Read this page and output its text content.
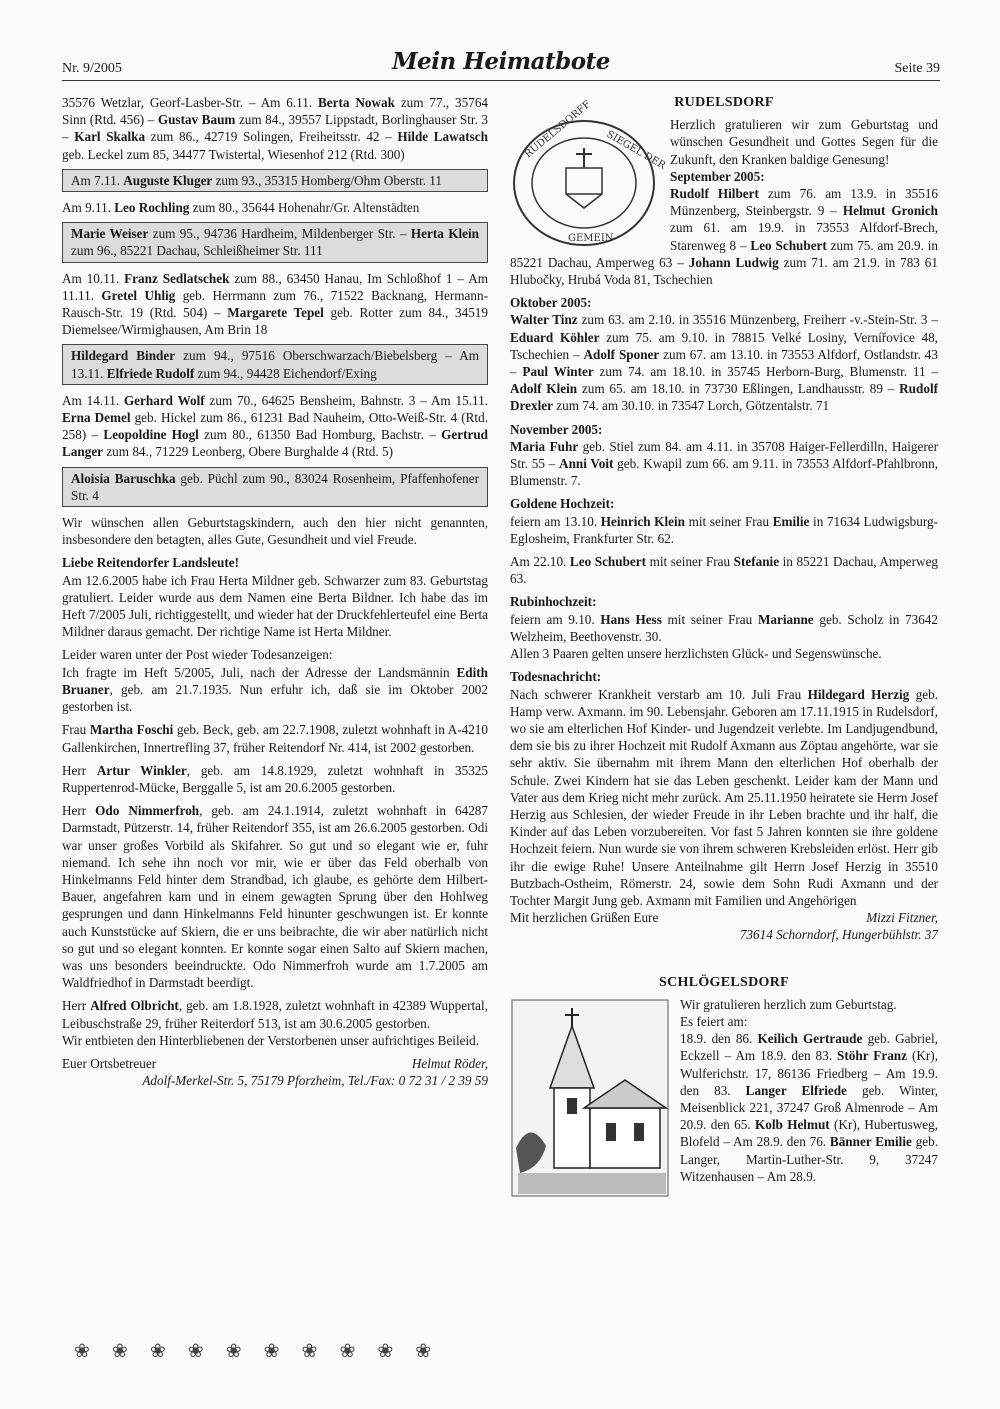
Nr. 9/2005	Mein Heimatbote	Seite 39

35576 Wetzlar, Georf-Lasber-Str. – Am 6.11. Berta Nowak zum 77., 35764 Sinn (Rtd. 456) – Gustav Baum zum 84., 39557 Lippstadt, Borlinghauser Str. 3 – Karl Skalka zum 86., 42719 Solingen, Freiheitsstr. 42 – Hilde Lawatsch geb. Leckel zum 85, 34477 Twistertal, Wiesenhof 212 (Rtd. 300)

Am 7.11. Auguste Kluger zum 93., 35315 Homberg/Ohm Oberstr. 11

Am 9.11. Leo Rochling zum 80., 35644 Hohenahr/Gr. Altenstädten

Marie Weiser zum 95., 94736 Hardheim, Mildenberger Str. – Herta Klein zum 96., 85221 Dachau, Schleißheimer Str. 111

Am 10.11. Franz Sedlatschek zum 88., 63450 Hanau, Im Schloßhof 1 – Am 11.11. Gretel Uhlig geb. Herrmann zum 76., 71522 Backnang, Hermann-Rausch-Str. 19 (Rtd. 504) – Margarete Tepel geb. Rotter zum 84., 34519 Diemelsee/Wirmighausen, Am Brin 18

Hildegard Binder zum 94., 97516 Oberschwarzach/Biebelsberg – Am 13.11. Elfriede Rudolf zum 94., 94428 Eichendorf/Exing

Am 14.11. Gerhard Wolf zum 70., 64625 Bensheim, Bahnstr. 3 – Am 15.11. Erna Demel geb. Hickel zum 86., 61231 Bad Nauheim, Otto-Weiß-Str. 4 (Rtd. 258) – Leopoldine Hogl zum 80., 61350 Bad Homburg, Bachstr. – Gertrud Langer zum 84., 71229 Leonberg, Obere Burghalde 4 (Rtd. 5)

Aloisia Baruschka geb. Püchl zum 90., 83024 Rosenheim, Pfaffenhofener Str. 4

Wir wünschen allen Geburtstagskindern, auch den hier nicht genannten, insbesondere den betagten, alles Gute, Gesundheit und viel Freude.

Liebe Reitendorfer Landsleute!

Am 12.6.2005 habe ich Frau Herta Mildner geb. Schwarzer zum 83. Geburtstag gratuliert. Leider wurde aus dem Namen eine Berta Bildner. Ich habe das im Heft 7/2005 Juli, richtiggestellt, und wieder hat der Druckfehlerteufel eine Berta Mildner daraus gemacht. Der richtige Name ist Herta Mildner.

Leider waren unter der Post wieder Todesanzeigen:

Ich fragte im Heft 5/2005, Juli, nach der Adresse der Landsmännin Edith Bruaner, geb. am 21.7.1935. Nun erfuhr ich, daß sie im Oktober 2002 gestorben ist.

Frau Martha Foschi geb. Beck, geb. am 22.7.1908, zuletzt wohnhaft in A-4210 Gallenkirchen, Innertrefling 37, früher Reitendorf Nr. 414, ist 2002 gestorben.

Herr Artur Winkler, geb. am 14.8.1929, zuletzt wohnhaft in 35325 Ruppertenrod-Mücke, Berggalle 5, ist am 20.6.2005 gestorben.

Herr Odo Nimmerfroh, geb. am 24.1.1914, zuletzt wohnhaft in 64287 Darmstadt, Pützerstr. 14, früher Reitendorf 355, ist am 26.6.2005 gestorben. Odi war unser großes Vorbild als Skifahrer. So gut und so elegant wie er, fuhr niemand. Ich sehe ihn noch vor mir, wie er über das Feld oberhalb von Hinkelmanns Feld hinter dem Strandbad, ich glaube, es gehörte dem Hilbert-Bauer, angefahren kam und in einem gewagten Sprung über den Hohlweg gesprungen und dann Hinkelmanns Feld hinunter geschwungen ist. Er konnte auch Kunststücke auf Skiern, die er uns beibrachte, die wir aber natürlich nicht so gut und so elegant konnten. Er konnte sogar einen Salto auf Skiern machen, was uns besonders beeindruckte. Odo Nimmerfroh wurde am 1.7.2005 am Waldfriedhof in Darmstadt beerdigt.

Herr Alfred Olbricht, geb. am 1.8.1928, zuletzt wohnhaft in 42389 Wuppertal, Leibuschstraße 29, früher Reiterdorf 513, ist am 30.6.2005 gestorben.

Wir entbieten den Hinterbliebenen der Verstorbenen unser aufrichtiges Beileid.

Euer Ortsbetreuer	Helmut Röder,
Adolf-Merkel-Str. 5, 75179 Pforzheim, Tel./Fax: 0 72 31 / 2 39 59
❀ ❀ ❀ ❀ ❀ ❀ ❀ ❀ ❀ ❀
RUDELSDORF
SIEGEL DER
RUDELSDORFF
GEMEIN

Herzlich gratulieren wir zum Geburtstag und wünschen Gesundheit und Gottes Segen für die Zukunft, den Kranken baldige Genesung!

September 2005:

Rudolf Hilbert zum 76. am 13.9. in 35516 Münzenberg, Steinbergstr. 9 – Helmut Gronich zum 61. am 19.9. in 73553 Alfdorf-Brech, Starenweg 8 – Leo Schubert zum 75. am 20.9. in 85221 Dachau, Amperweg 63 – Johann Ludwig zum 71. am 21.9. in 783 61 Hlubočky, Hrubá Voda 81, Tschechien

Oktober 2005:

Walter Tinz zum 63. am 2.10. in 35516 Münzenberg, Freiherr -v.-Stein-Str. 3 – Eduard Köhler zum 75. am 9.10. in 78815 Velké Losiny, Vernířovice 48, Tschechien – Adolf Sponer zum 67. am 13.10. in 73553 Alfdorf, Ostlandstr. 43 – Paul Winter zum 74. am 18.10. in 35745 Herborn-Burg, Blumenstr. 11 – Adolf Klein zum 65. am 18.10. in 73730 Eßlingen, Landhausstr. 89 – Rudolf Drexler zum 74. am 30.10. in 73547 Lorch, Götzentalstr. 71

November 2005:

Maria Fuhr geb. Stiel zum 84. am 4.11. in 35708 Haiger-Fellerdilln, Haigerer Str. 55 – Anni Voit geb. Kwapil zum 66. am 9.11. in 73553 Alfdorf-Pfahlbronn, Blumenstr. 7.

Goldene Hochzeit:

feiern am 13.10. Heinrich Klein mit seiner Frau Emilie in 71634 Ludwigsburg-Eglosheim, Frankfurter Str. 62.

Am 22.10. Leo Schubert mit seiner Frau Stefanie in 85221 Dachau, Amperweg 63.

Rubinhochzeit:
feiern am 9.10. Hans Hess mit seiner Frau Marianne geb. Scholz in 73642 Welzheim, Beethovenstr. 30.

Allen 3 Paaren gelten unsere herzlichsten Glück- und Segenswünsche.

Todesnachricht:
Nach schwerer Krankheit verstarb am 10. Juli Frau Hildegard Herzig geb. Hamp verw. Axmann. im 90. Lebensjahr. Geboren am 17.11.1915 in Rudelsdorf, wo sie am elterlichen Hof Kinder- und Jugendzeit verlebte. Im Landjugendbund, dem sie bis zu ihrer Hochzeit mit Rudolf Axmann aus Zöptau angehörte, war sie sehr aktiv. Sie übernahm mit ihrem Mann den elterlichen Hof oberhalb der Schule. Zwei Kindern hat sie das Leben geschenkt. Leider kam der Mann und Vater aus dem Krieg nicht mehr zurück. Am 25.11.1950 heiratete sie Herrn Josef Herzig aus Schlesien, der wieder Freude in ihr Leben brachte und ihr half, die Kinder auf das Leben vorzubereiten. Vor fast 5 Jahren konnten sie ihre goldene Hochzeit feiern. Nun wurde sie von ihrem schweren Krebsleiden erlöst. Herr gib ihr die ewige Ruhe! Unsere Anteilnahme gilt Herrn Josef Herzig in 35510 Butzbach-Ostheim, Römerstr. 24, sowie dem Sohn Rudi Axmann und der Tochter Margit Jung geb. Axmann mit Familien und Angehörigen
Mit herzlichen Grüßen Eure	Mizzi Fitzner,
73614 Schorndorf, Hungerbühlstr. 37
SCHLÖGELSDORF
Wir gratulieren herzlich zum Geburtstag.
Es feiert am:
18.9. den 86. Keilich Gertraude geb. Gabriel, Eckzell – Am 18.9. den 83. Stöhr Franz (Kr), Wulferichstr. 17, 86136 Friedberg – Am 19.9. den 83. Langer Elfriede geb. Winter, Meisenblick 221, 37247 Groß Almenrode – Am 20.9. den 65. Kolb Helmut (Kr), Hubertusweg, Blofeld – Am 28.9. den 76. Bänner Emilie geb. Langer, Martin-Luther-Str. 9, 37247 Witzenhausen – Am 28.9.
